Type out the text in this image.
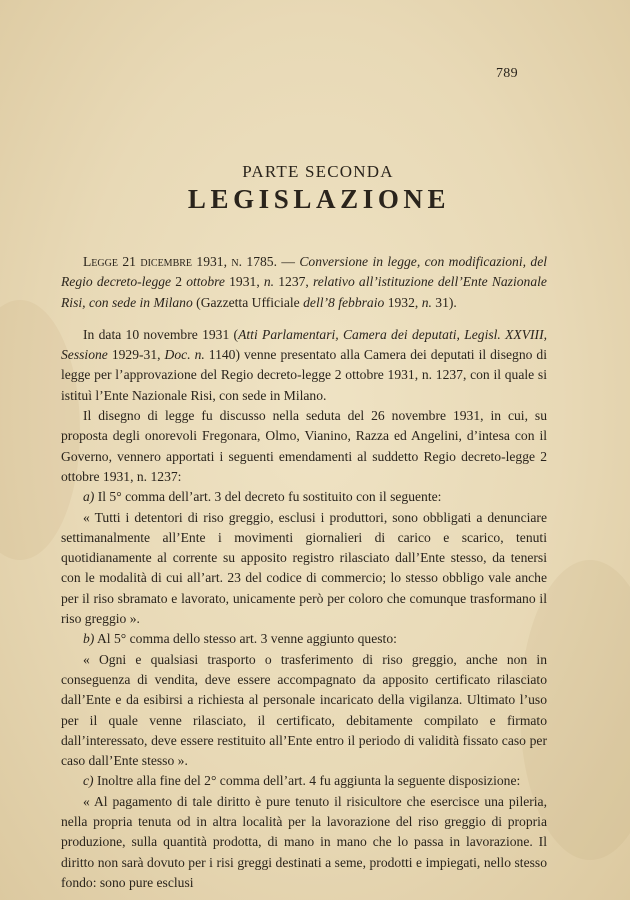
789
PARTE SECONDA
LEGISLAZIONE

Legge 21 dicembre 1931, n. 1785. — Conversione in legge, con modificazioni, del Regio decreto-legge 2 ottobre 1931, n. 1237, relativo all’istituzione dell’Ente Nazionale Risi, con sede in Milano (Gazzetta Ufficiale dell’8 febbraio 1932, n. 31).

In data 10 novembre 1931 (Atti Parlamentari, Camera dei deputati, Legisl. XXVIII, Sessione 1929-31, Doc. n. 1140) venne presentato alla Camera dei deputati il disegno di legge per l’approvazione del Regio decreto-legge 2 ottobre 1931, n. 1237, con il quale si istituì l’Ente Nazionale Risi, con sede in Milano.

Il disegno di legge fu discusso nella seduta del 26 novembre 1931, in cui, su proposta degli onorevoli Fregonara, Olmo, Vianino, Razza ed Angelini, d’intesa con il Governo, vennero apportati i seguenti emendamenti al suddetto Regio decreto-legge 2 ottobre 1931, n. 1237:

a) Il 5° comma dell’art. 3 del decreto fu sostituito con il seguente:

« Tutti i detentori di riso greggio, esclusi i produttori, sono obbligati a denunciare settimanalmente all’Ente i movimenti giornalieri di carico e scarico, tenuti quotidianamente al corrente su apposito registro rilasciato dall’Ente stesso, da tenersi con le modalità di cui all’art. 23 del codice di commercio; lo stesso obbligo vale anche per il riso sbramato e lavorato, unicamente però per coloro che comunque trasformano il riso greggio ».

b) Al 5° comma dello stesso art. 3 venne aggiunto questo:

« Ogni e qualsiasi trasporto o trasferimento di riso greggio, anche non in conseguenza di vendita, deve essere accompagnato da apposito certificato rilasciato dall’Ente e da esibirsi a richiesta al personale incaricato della vigilanza. Ultimato l’uso per il quale venne rilasciato, il certificato, debitamente compilato e firmato dall’interessato, deve essere restituito all’Ente entro il periodo di validità fissato caso per caso dall’Ente stesso ».

c) Inoltre alla fine del 2° comma dell’art. 4 fu aggiunta la seguente disposizione:

« Al pagamento di tale diritto è pure tenuto il risicultore che esercisce una pileria, nella propria tenuta od in altra località per la lavorazione del riso greggio di propria produzione, sulla quantità prodotta, di mano in mano che lo passa in lavorazione. Il diritto non sarà dovuto per i risi greggi destinati a seme, prodotti e impiegati, nello stesso fondo: sono pure esclusi
